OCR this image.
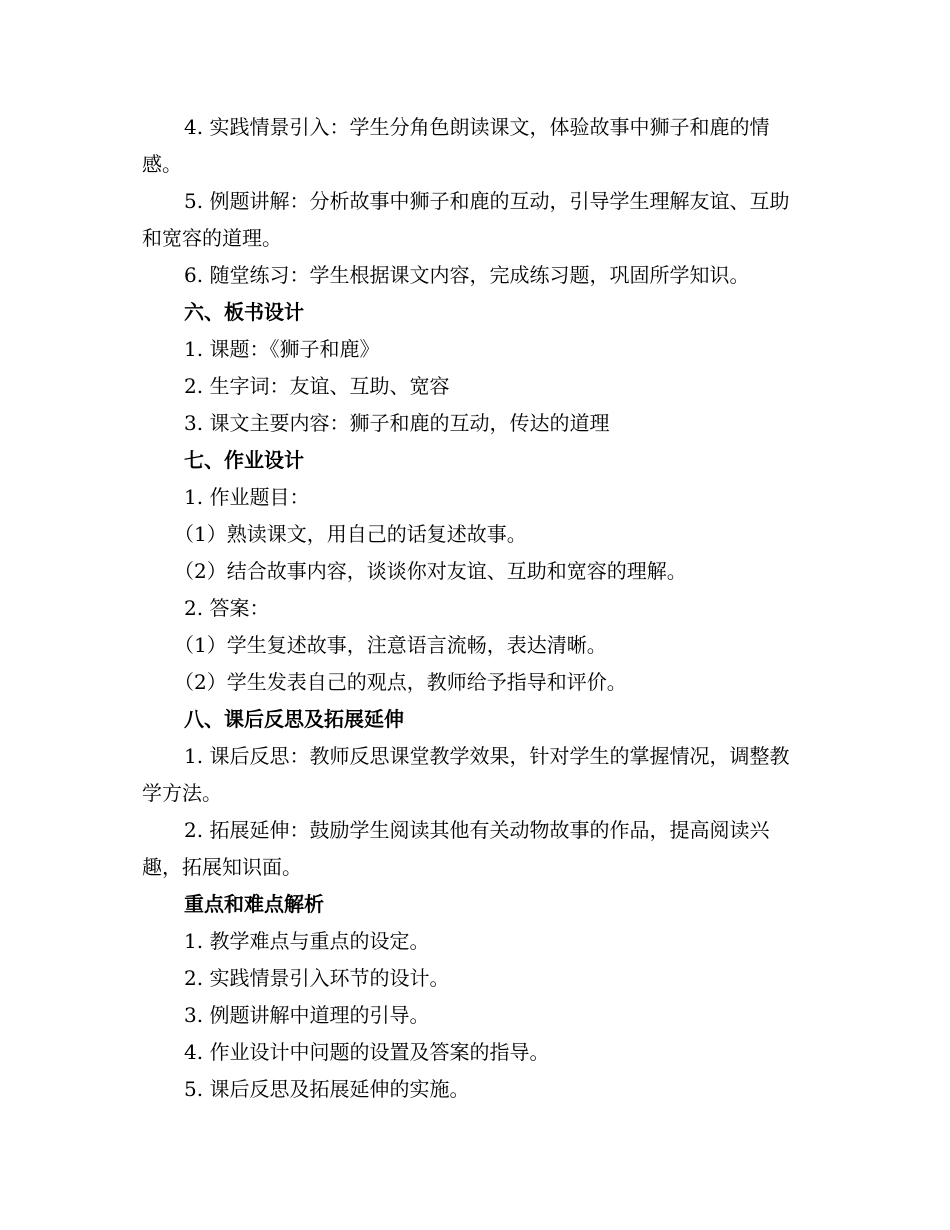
4. 实践情景引入：学生分角色朗读课文，体验故事中狮子和鹿的情感。

5. 例题讲解：分析故事中狮子和鹿的互动，引导学生理解友谊、互助和宽容的道理。

6. 随堂练习：学生根据课文内容，完成练习题，巩固所学知识。

六、板书设计

1. 课题：《狮子和鹿》

2. 生字词：友谊、互助、宽容

3. 课文主要内容：狮子和鹿的互动，传达的道理

七、作业设计

1. 作业题目：

（1）熟读课文，用自己的话复述故事。

（2）结合故事内容，谈谈你对友谊、互助和宽容的理解。

2. 答案：

（1）学生复述故事，注意语言流畅，表达清晰。

（2）学生发表自己的观点，教师给予指导和评价。

八、课后反思及拓展延伸

1. 课后反思：教师反思课堂教学效果，针对学生的掌握情况，调整教学方法。

2. 拓展延伸：鼓励学生阅读其他有关动物故事的作品，提高阅读兴趣，拓展知识面。

重点和难点解析

1. 教学难点与重点的设定。

2. 实践情景引入环节的设计。

3. 例题讲解中道理的引导。

4. 作业设计中问题的设置及答案的指导。

5. 课后反思及拓展延伸的实施。
